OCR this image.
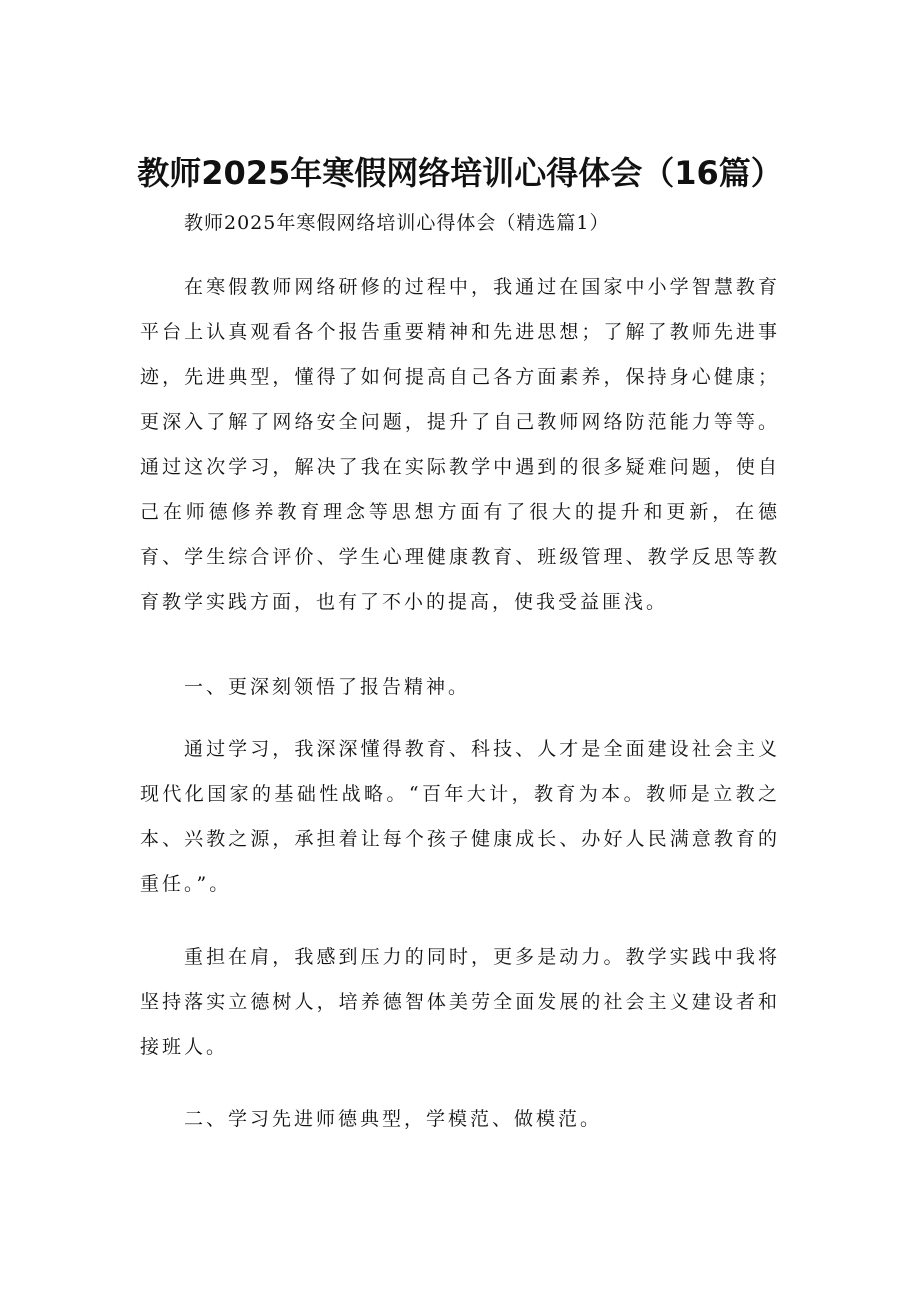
教师2025年寒假网络培训心得体会（16篇）

教师2025年寒假网络培训心得体会（精选篇1）

在寒假教师网络研修的过程中，我通过在国家中小学智慧教育平台上认真观看各个报告重要精神和先进思想；了解了教师先进事迹，先进典型，懂得了如何提高自己各方面素养，保持身心健康；更深入了解了网络安全问题，提升了自己教师网络防范能力等等。通过这次学习，解决了我在实际教学中遇到的很多疑难问题，使自己在师德修养教育理念等思想方面有了很大的提升和更新，在德育、学生综合评价、学生心理健康教育、班级管理、教学反思等教育教学实践方面，也有了不小的提高，使我受益匪浅。

一、更深刻领悟了报告精神。

通过学习，我深深懂得教育、科技、人才是全面建设社会主义现代化国家的基础性战略。“百年大计，教育为本。教师是立教之本、兴教之源，承担着让每个孩子健康成长、办好人民满意教育的重任。”。

重担在肩，我感到压力的同时，更多是动力。教学实践中我将坚持落实立德树人，培养德智体美劳全面发展的社会主义建设者和接班人。

二、学习先进师德典型，学模范、做模范。
